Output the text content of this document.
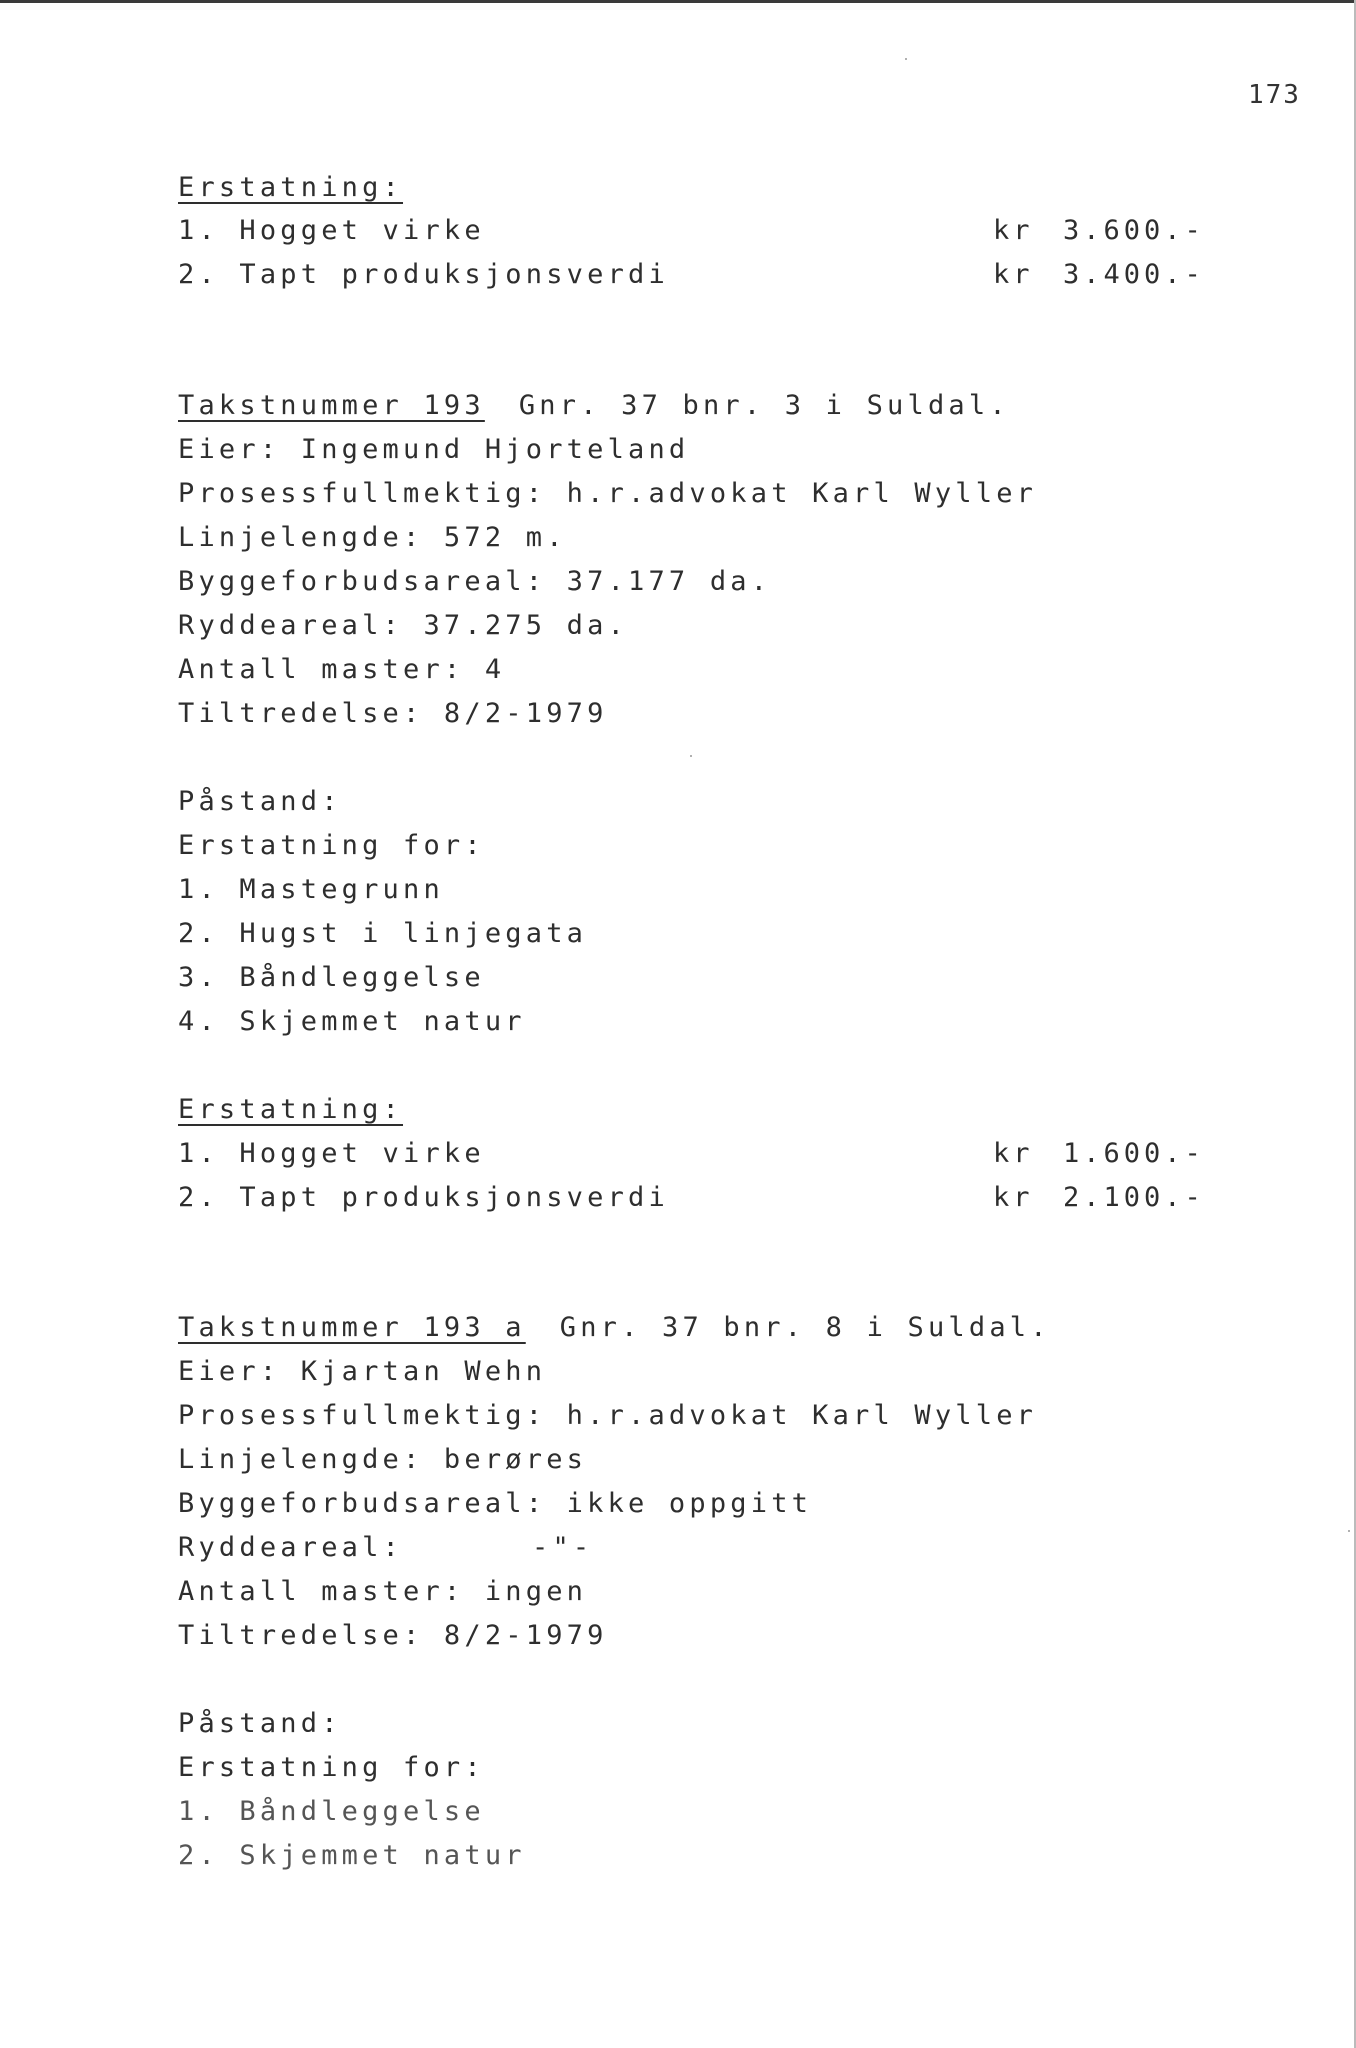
173
Erstatning:
1. Hogget virke	kr 3.600.-
2. Tapt produksjonsverdi	kr 3.400.-
Takstnummer 193 Gnr. 37 bnr. 3 i Suldal.
Eier: Ingemund Hjorteland
Prosessfullmektig: h.r.advokat Karl Wyller
Linjelengde: 572 m.
Byggeforbudsareal: 37.177 da.
Ryddeareal: 37.275 da.
Antall master: 4
Tiltredelse: 8/2-1979
Påstand:
Erstatning for:
1. Mastegrunn
2. Hugst i linjegata
3. Båndleggelse
4. Skjemmet natur
Erstatning:
1. Hogget virke	kr 1.600.-
2. Tapt produksjonsverdi	kr 2.100.-
Takstnummer 193 a Gnr. 37 bnr. 8 i Suldal.
Eier: Kjartan Wehn
Prosessfullmektig: h.r.advokat Karl Wyller
Linjelengde: berøres
Byggeforbudsareal: ikke oppgitt
Ryddeareal:	-"-
Antall master: ingen
Tiltredelse: 8/2-1979
Påstand:
Erstatning for:
1. Båndleggelse
2. Skjemmet natur
